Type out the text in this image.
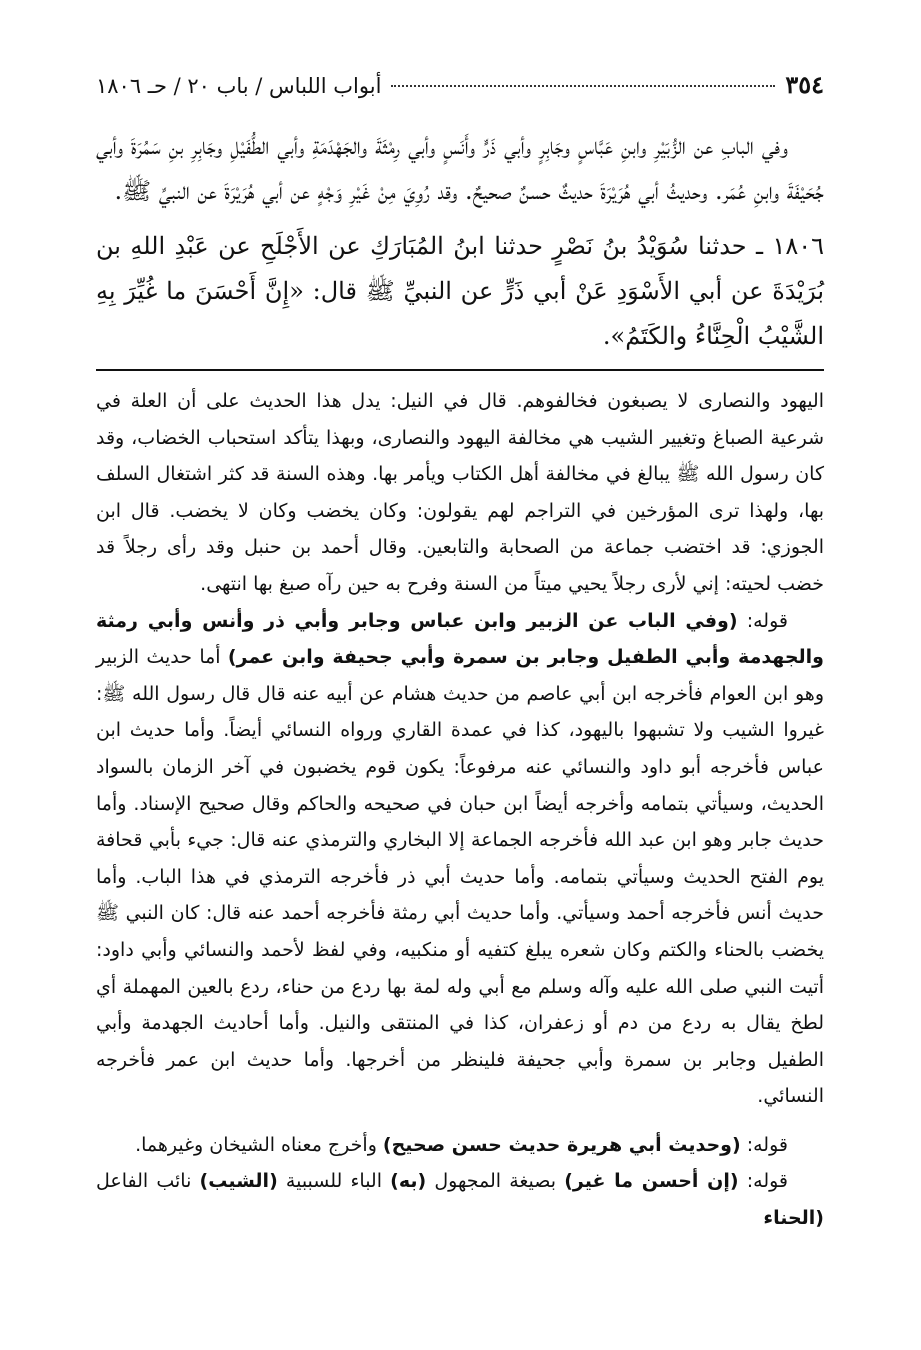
٣٥٤
أبواب اللباس / باب ٢٠ / حـ ١٨٠٦

وفي البابِ عن الزُّبَيْرِ وابنِ عَبَّاسٍ وجَابِرٍ وأبي ذَرٍّ وأَنَسٍ وأبي رِمْثَةَ والجَهْدَمَةِ وأبي الطُّفَيْلِ وجَابِرِ بنِ سَمُرَةَ وأبي جُحَيْفَةَ وابنِ عُمَر. وحديثُ أبي هُرَيْرَةَ حديثٌ حسنٌ صحيحٌ. وقد رُوِيَ مِنْ غَيْرِ وَجْهٍ عن أبي هُرَيْرَةَ عن النبيِّ ﷺ.

١٨٠٦ ـ حدثنا سُوَيْدُ بنُ نَصْرٍ حدثنا ابنُ المُبَارَكِ عن الأَجْلَحِ عن عَبْدِ اللهِ بن بُرَيْدَةَ عن أبي الأَسْوَدِ عَنْ أبي ذَرٍّ عن النبيِّ ﷺ قال: «إِنَّ أَحْسَنَ ما غُيِّرَ بِهِ الشَّيْبُ الْحِنَّاءُ والكَتَمُ».

اليهود والنصارى لا يصبغون فخالفوهم. قال في النيل: يدل هذا الحديث على أن العلة في شرعية الصباغ وتغيير الشيب هي مخالفة اليهود والنصارى، وبهذا يتأكد استحباب الخضاب، وقد كان رسول الله ﷺ يبالغ في مخالفة أهل الكتاب ويأمر بها. وهذه السنة قد كثر اشتغال السلف بها، ولهذا ترى المؤرخين في التراجم لهم يقولون: وكان يخضب وكان لا يخضب. قال ابن الجوزي: قد اختضب جماعة من الصحابة والتابعين. وقال أحمد بن حنبل وقد رأى رجلاً قد خضب لحيته: إني لأرى رجلاً يحيي ميتاً من السنة وفرح به حين رآه صبغ بها انتهى.

قوله: (وفي الباب عن الزبير وابن عباس وجابر وأبي ذر وأنس وأبي رمثة والجهدمة وأبي الطفيل وجابر بن سمرة وأبي جحيفة وابن عمر) أما حديث الزبير وهو ابن العوام فأخرجه ابن أبي عاصم من حديث هشام عن أبيه عنه قال قال رسول الله ﷺ: غيروا الشيب ولا تشبهوا باليهود، كذا في عمدة القاري ورواه النسائي أيضاً. وأما حديث ابن عباس فأخرجه أبو داود والنسائي عنه مرفوعاً: يكون قوم يخضبون في آخر الزمان بالسواد الحديث، وسيأتي بتمامه وأخرجه أيضاً ابن حبان في صحيحه والحاكم وقال صحيح الإسناد. وأما حديث جابر وهو ابن عبد الله فأخرجه الجماعة إلا البخاري والترمذي عنه قال: جيء بأبي قحافة يوم الفتح الحديث وسيأتي بتمامه. وأما حديث أبي ذر فأخرجه الترمذي في هذا الباب. وأما حديث أنس فأخرجه أحمد وسيأتي. وأما حديث أبي رمثة فأخرجه أحمد عنه قال: كان النبي ﷺ يخضب بالحناء والكتم وكان شعره يبلغ كتفيه أو منكبيه، وفي لفظ لأحمد والنسائي وأبي داود: أتيت النبي صلى الله عليه وآله وسلم مع أبي وله لمة بها ردع من حناء، ردع بالعين المهملة أي لطخ يقال به ردع من دم أو زعفران، كذا في المنتقى والنيل. وأما أحاديث الجهدمة وأبي الطفيل وجابر بن سمرة وأبي جحيفة فلينظر من أخرجها. وأما حديث ابن عمر فأخرجه النسائي.

قوله: (وحديث أبي هريرة حديث حسن صحيح) وأخرج معناه الشيخان وغيرهما.

قوله: (إن أحسن ما غير) بصيغة المجهول (به) الباء للسببية (الشيب) نائب الفاعل (الحناء
